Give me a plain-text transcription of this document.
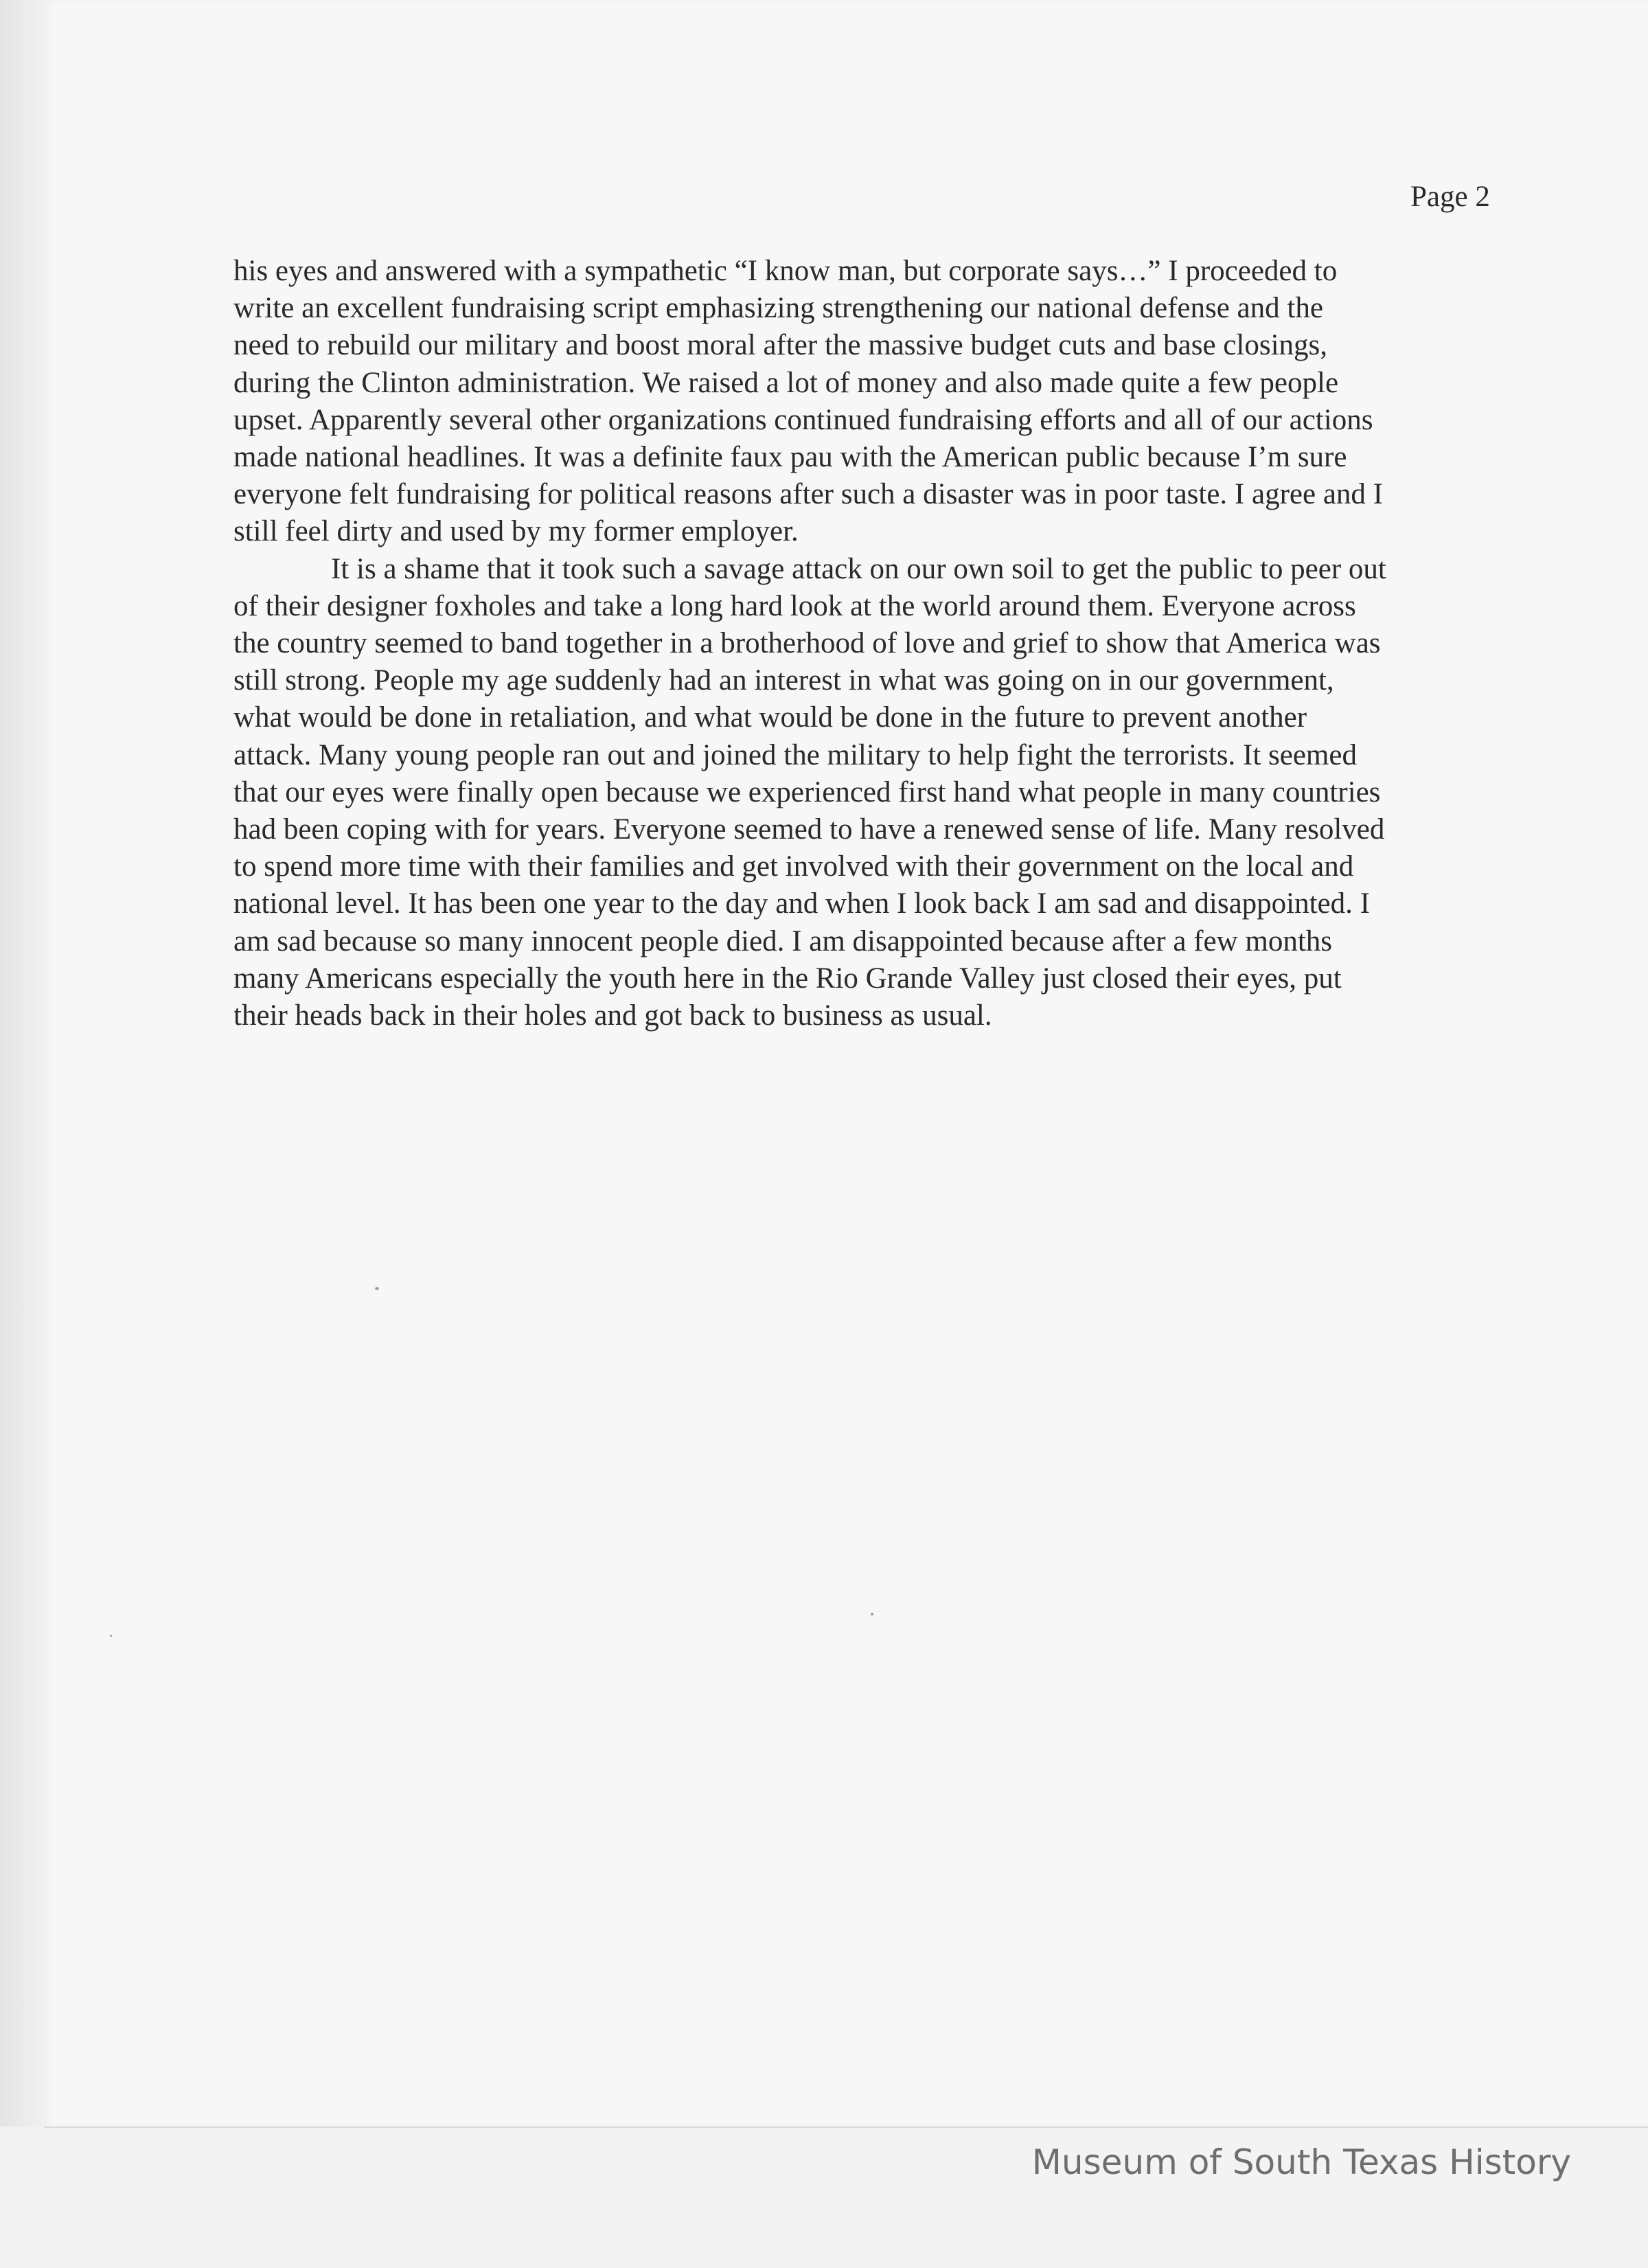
Page 2
his eyes and answered with a sympathetic “I know man, but corporate says…” I proceeded to
write an excellent fundraising script emphasizing strengthening our national defense and the
need to rebuild our military and boost moral after the massive budget cuts and base closings,
during the Clinton administration. We raised a lot of money and also made quite a few people
upset. Apparently several other organizations continued fundraising efforts and all of our actions
made national headlines. It was a definite faux pau with the American public because I’m sure
everyone felt fundraising for political reasons after such a disaster was in poor taste. I agree and I
still feel dirty and used by my former employer.
It is a shame that it took such a savage attack on our own soil to get the public to peer out
of their designer foxholes and take a long hard look at the world around them. Everyone across
the country seemed to band together in a brotherhood of love and grief to show that America was
still strong. People my age suddenly had an interest in what was going on in our government,
what would be done in retaliation, and what would be done in the future to prevent another
attack. Many young people ran out and joined the military to help fight the terrorists. It seemed
that our eyes were finally open because we experienced first hand what people in many countries
had been coping with for years. Everyone seemed to have a renewed sense of life. Many resolved
to spend more time with their families and get involved with their government on the local and
national level. It has been one year to the day and when I look back I am sad and disappointed. I
am sad because so many innocent people died. I am disappointed because after a few months
many Americans especially the youth here in the Rio Grande Valley just closed their eyes, put
their heads back in their holes and got back to business as usual.
Museum of South Texas History
